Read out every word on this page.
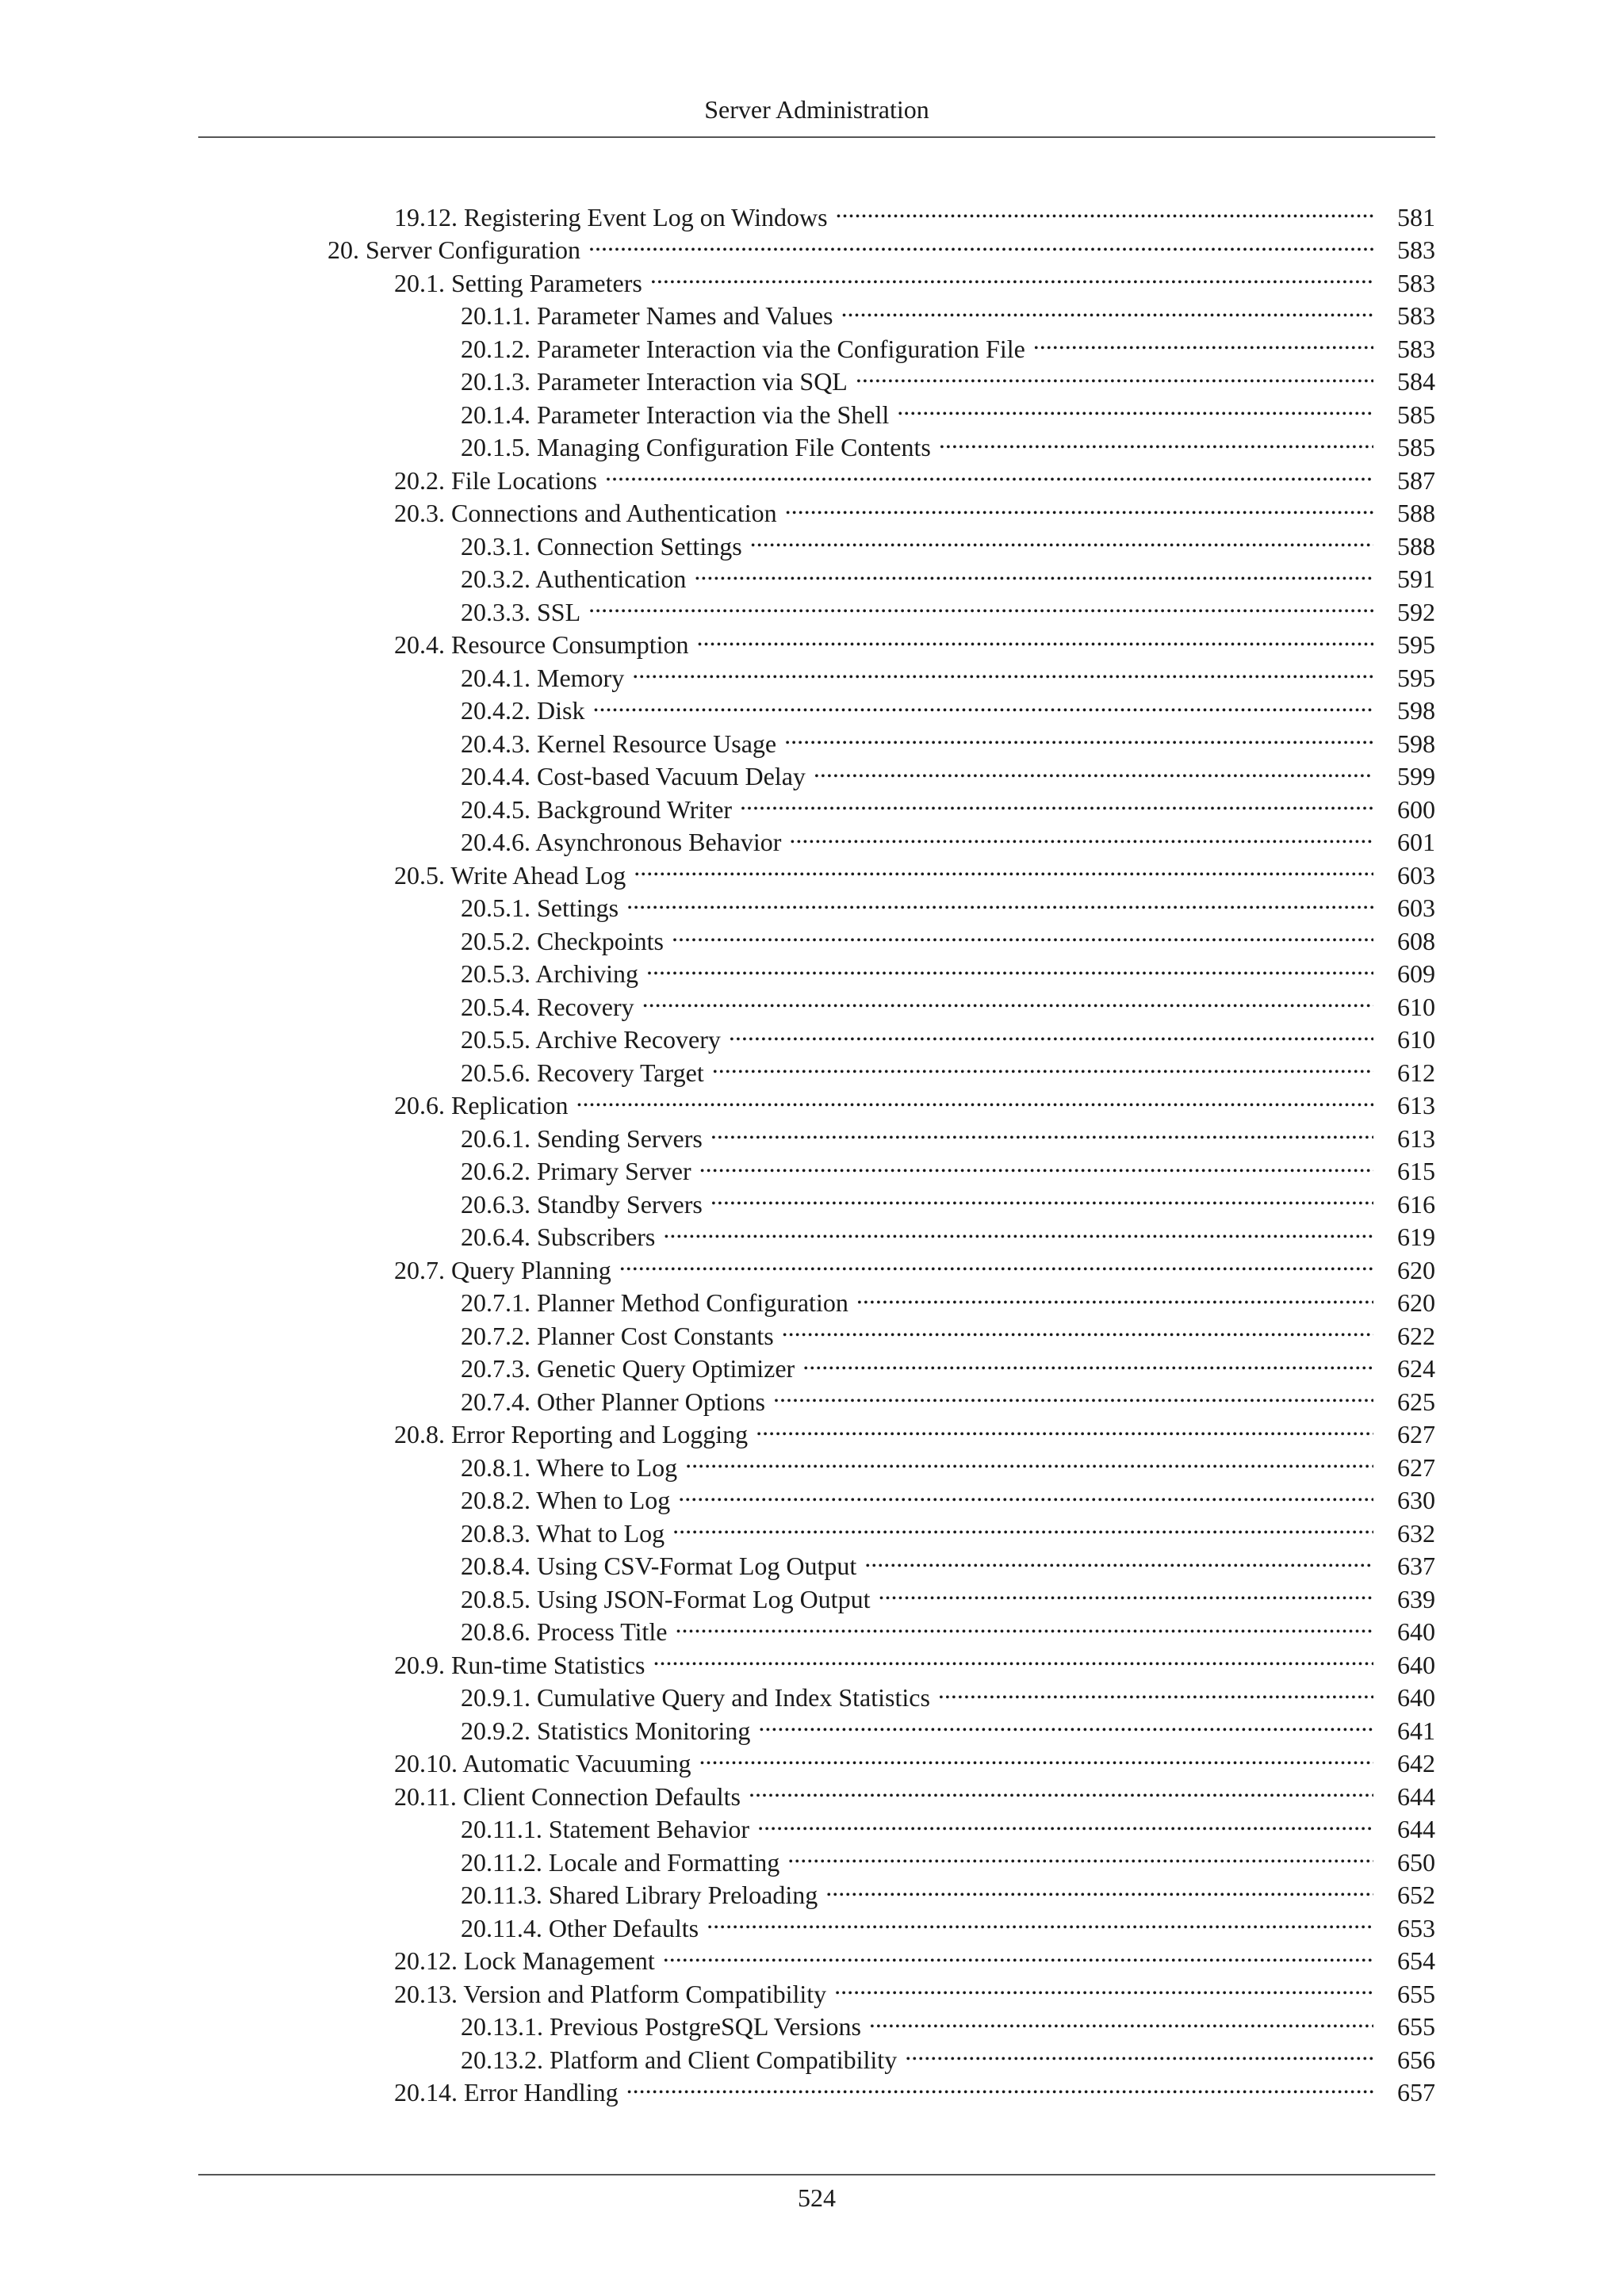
Server Administration
19.12. Registering Event Log on Windows . . .	581
20. Server Configuration . . .	583
20.1. Setting Parameters . . .	583
20.1.1. Parameter Names and Values . . .	583
20.1.2. Parameter Interaction via the Configuration File . . .	583
20.1.3. Parameter Interaction via SQL . . .	584
20.1.4. Parameter Interaction via the Shell . . .	585
20.1.5. Managing Configuration File Contents . . .	585
20.2. File Locations . . .	587
20.3. Connections and Authentication . . .	588
20.3.1. Connection Settings . . .	588
20.3.2. Authentication . . .	591
20.3.3. SSL . . .	592
20.4. Resource Consumption . . .	595
20.4.1. Memory . . .	595
20.4.2. Disk . . .	598
20.4.3. Kernel Resource Usage . . .	598
20.4.4. Cost-based Vacuum Delay . . .	599
20.4.5. Background Writer . . .	600
20.4.6. Asynchronous Behavior . . .	601
20.5. Write Ahead Log . . .	603
20.5.1. Settings . . .	603
20.5.2. Checkpoints . . .	608
20.5.3. Archiving . . .	609
20.5.4. Recovery . . .	610
20.5.5. Archive Recovery . . .	610
20.5.6. Recovery Target . . .	612
20.6. Replication . . .	613
20.6.1. Sending Servers . . .	613
20.6.2. Primary Server . . .	615
20.6.3. Standby Servers . . .	616
20.6.4. Subscribers . . .	619
20.7. Query Planning . . .	620
20.7.1. Planner Method Configuration . . .	620
20.7.2. Planner Cost Constants . . .	622
20.7.3. Genetic Query Optimizer . . .	624
20.7.4. Other Planner Options . . .	625
20.8. Error Reporting and Logging . . .	627
20.8.1. Where to Log . . .	627
20.8.2. When to Log . . .	630
20.8.3. What to Log . . .	632
20.8.4. Using CSV-Format Log Output . . .	637
20.8.5. Using JSON-Format Log Output . . .	639
20.8.6. Process Title . . .	640
20.9. Run-time Statistics . . .	640
20.9.1. Cumulative Query and Index Statistics . . .	640
20.9.2. Statistics Monitoring . . .	641
20.10. Automatic Vacuuming . . .	642
20.11. Client Connection Defaults . . .	644
20.11.1. Statement Behavior . . .	644
20.11.2. Locale and Formatting . . .	650
20.11.3. Shared Library Preloading . . .	652
20.11.4. Other Defaults . . .	653
20.12. Lock Management . . .	654
20.13. Version and Platform Compatibility . . .	655
20.13.1. Previous PostgreSQL Versions . . .	655
20.13.2. Platform and Client Compatibility . . .	656
20.14. Error Handling . . .	657
524
